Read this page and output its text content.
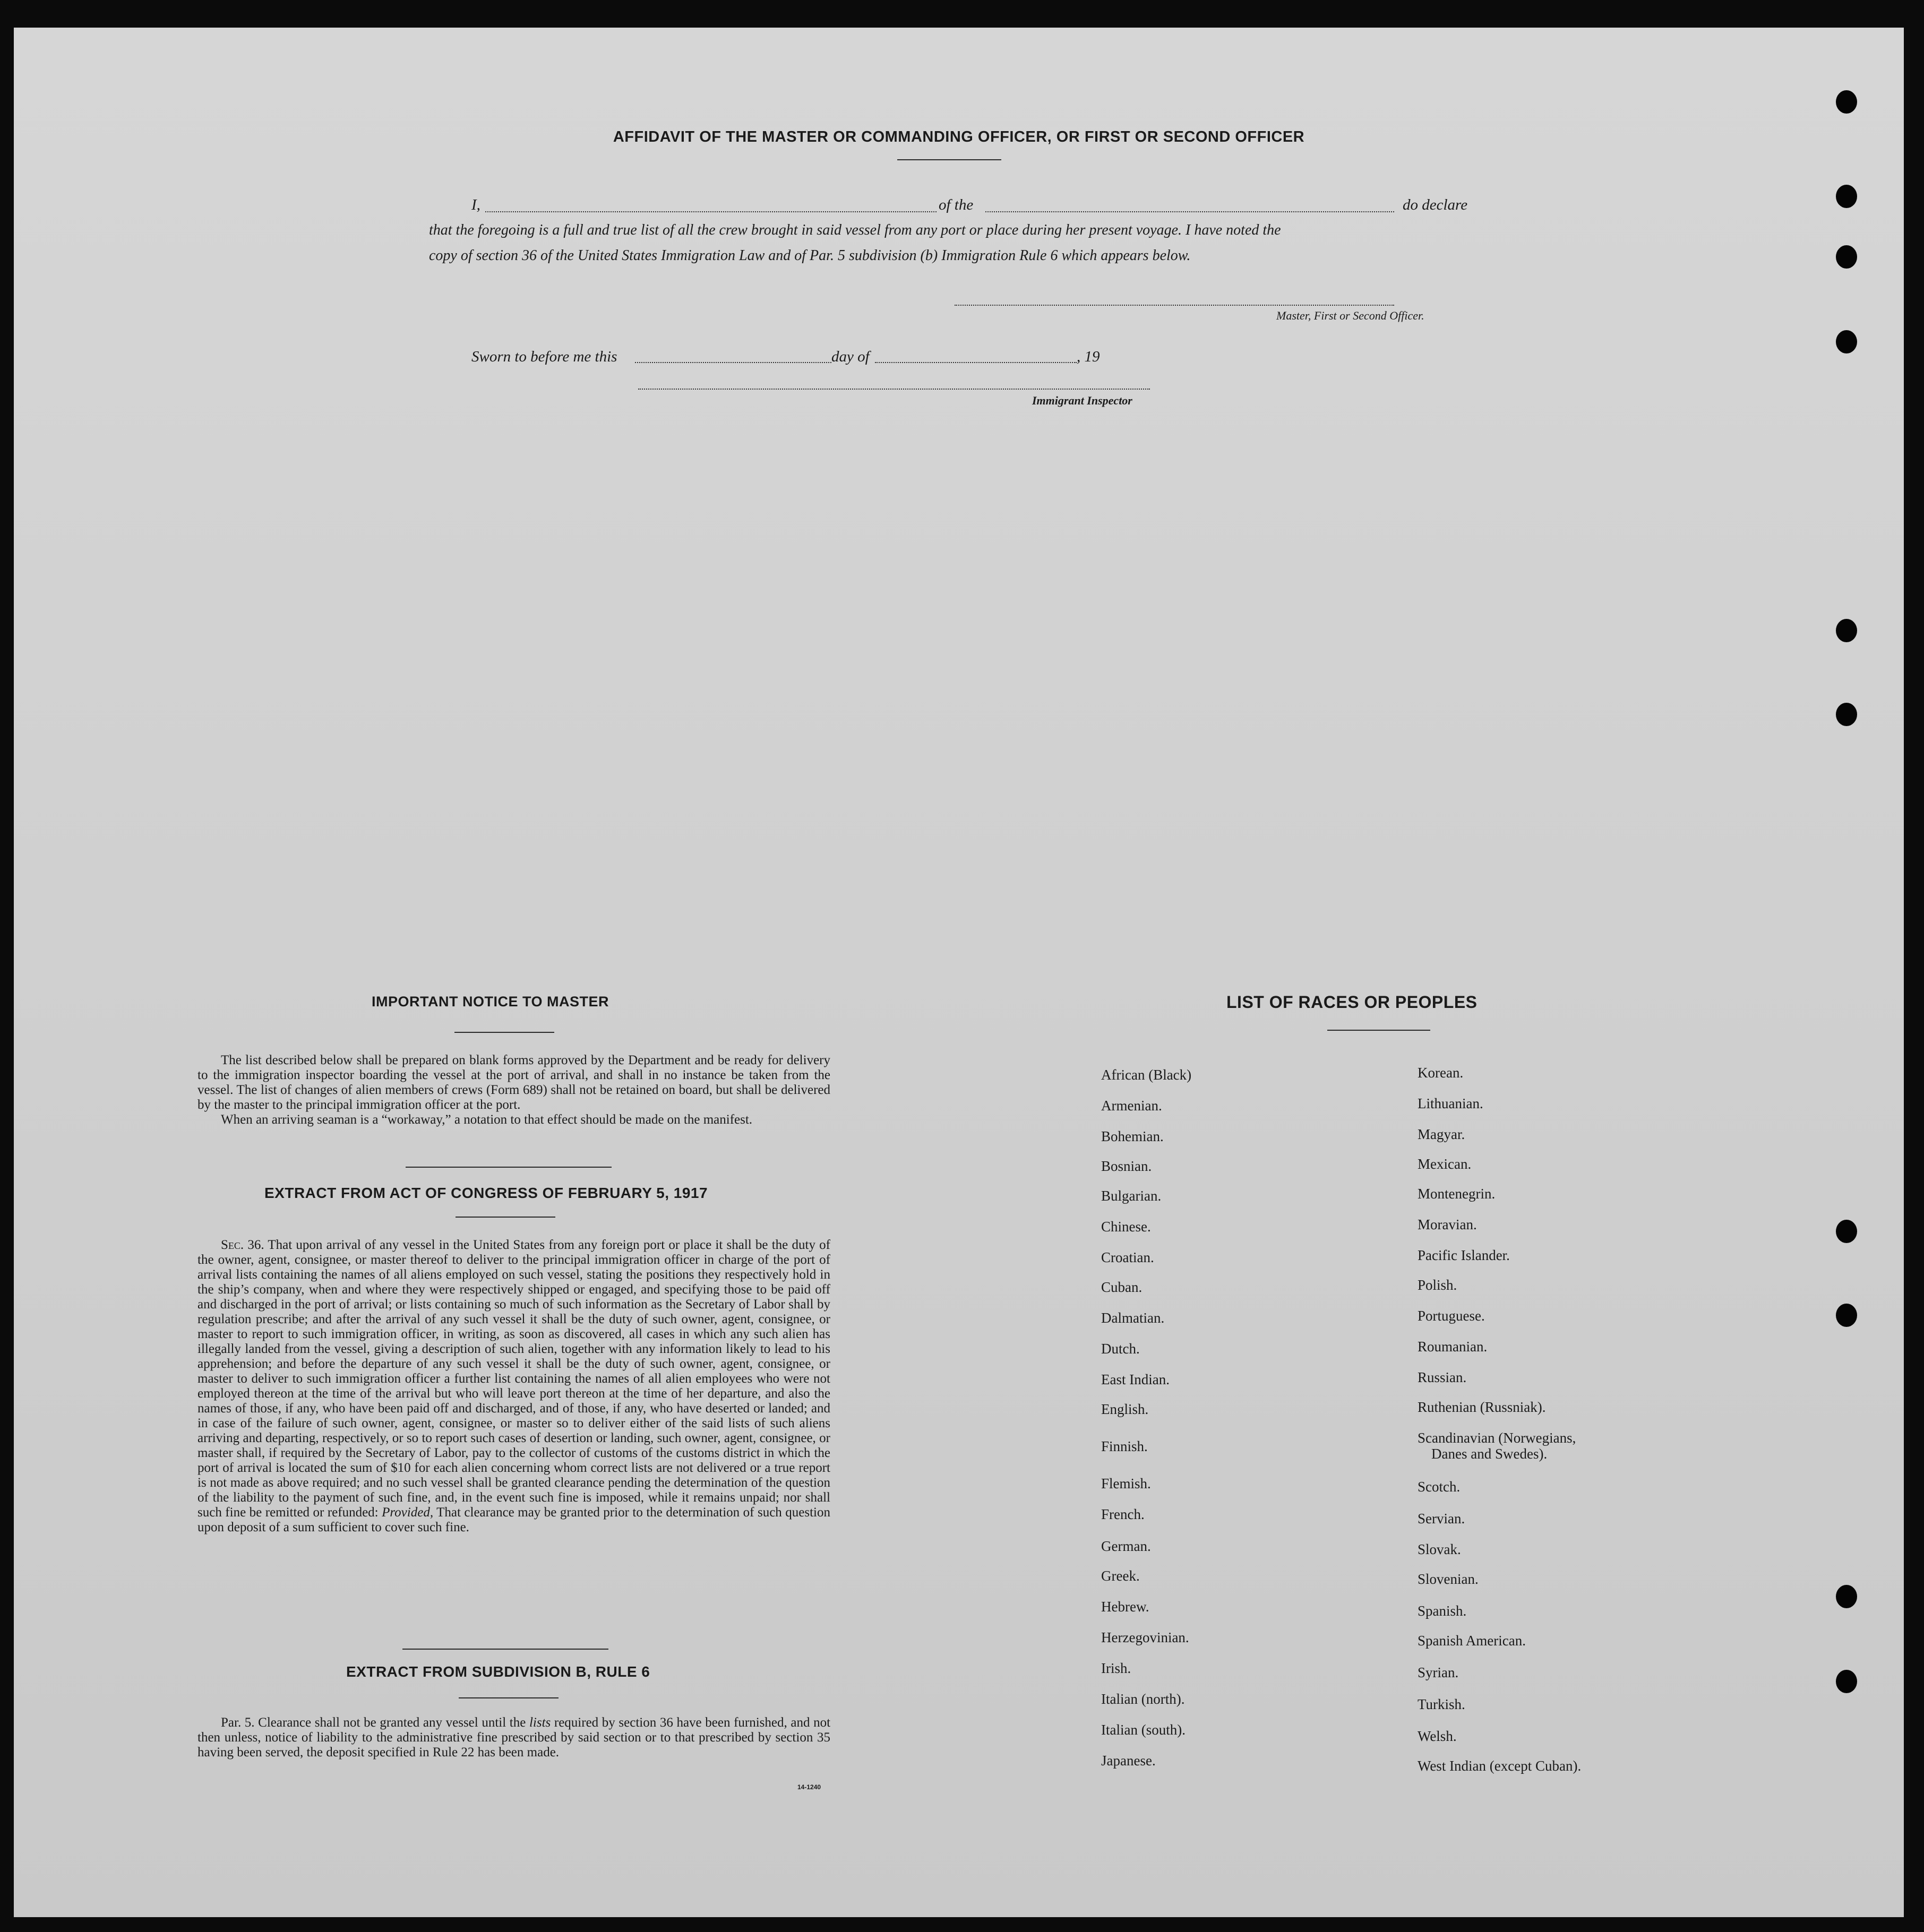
AFFIDAVIT OF THE MASTER OR COMMANDING OFFICER, OR FIRST OR SECOND OFFICER
I,	of the	do declare
that the foregoing is a full and true list of all the crew brought in said vessel from any port or place during her present voyage. I have noted the
copy of section 36 of the United States Immigration Law and of Par. 5 subdivision (b) Immigration Rule 6 which appears below.
Master, First or Second Officer.
Sworn to before me this	day of	, 19
Immigrant Inspector
IMPORTANT NOTICE TO MASTER

The list described below shall be prepared on blank forms approved by the Department and be ready for delivery to the immigration inspector boarding the vessel at the port of arrival, and shall in no instance be taken from the vessel. The list of changes of alien members of crews (Form 689) shall not be retained on board, but shall be delivered by the master to the principal immigration officer at the port.

When an arriving seaman is a “workaway,” a notation to that effect should be made on the manifest.

EXTRACT FROM ACT OF CONGRESS OF FEBRUARY 5, 1917

Sec. 36. That upon arrival of any vessel in the United States from any foreign port or place it shall be the duty of the owner, agent, consignee, or master thereof to deliver to the principal immigration officer in charge of the port of arrival lists containing the names of all aliens employed on such vessel, stating the positions they respectively hold in the ship’s company, when and where they were respectively shipped or engaged, and specifying those to be paid off and discharged in the port of arrival; or lists containing so much of such information as the Secretary of Labor shall by regulation prescribe; and after the arrival of any such vessel it shall be the duty of such owner, agent, consignee, or master to report to such immigration officer, in writing, as soon as discovered, all cases in which any such alien has illegally landed from the vessel, giving a description of such alien, together with any information likely to lead to his apprehension; and before the departure of any such vessel it shall be the duty of such owner, agent, consignee, or master to deliver to such immigration officer a further list containing the names of all alien employees who were not employed thereon at the time of the arrival but who will leave port thereon at the time of her departure, and also the names of those, if any, who have been paid off and discharged, and of those, if any, who have deserted or landed; and in case of the failure of such owner, agent, consignee, or master so to deliver either of the said lists of such aliens arriving and departing, respectively, or so to report such cases of desertion or landing, such owner, agent, consignee, or master shall, if required by the Secretary of Labor, pay to the collector of customs of the customs district in which the port of arrival is located the sum of $10 for each alien concerning whom correct lists are not delivered or a true report is not made as above required; and no such vessel shall be granted clearance pending the determination of the question of the liability to the payment of such fine, and, in the event such fine is imposed, while it remains unpaid; nor shall such fine be remitted or refunded: Provided, That clearance may be granted prior to the determination of such question upon deposit of a sum sufficient to cover such fine.

EXTRACT FROM SUBDIVISION B, RULE 6

Par. 5. Clearance shall not be granted any vessel until the lists required by section 36 have been furnished, and not then unless, notice of liability to the administrative fine prescribed by said section or to that prescribed by section 35 having been served, the deposit specified in Rule 22 has been made.

14-1240
LIST OF RACES OR PEOPLES
African (Black)
Armenian.
Bohemian.
Bosnian.
Bulgarian.
Chinese.
Croatian.
Cuban.
Dalmatian.
Dutch.
East Indian.
English.
Finnish.
Flemish.
French.
German.
Greek.
Hebrew.
Herzegovinian.
Irish.
Italian (north).
Italian (south).
Japanese.
Korean.
Lithuanian.
Magyar.
Mexican.
Montenegrin.
Moravian.
Pacific Islander.
Polish.
Portuguese.
Roumanian.
Russian.
Ruthenian (Russniak).
Scandinavian (Norwegians,
Danes and Swedes).
Scotch.
Servian.
Slovak.
Slovenian.
Spanish.
Spanish American.
Syrian.
Turkish.
Welsh.
West Indian (except Cuban).
